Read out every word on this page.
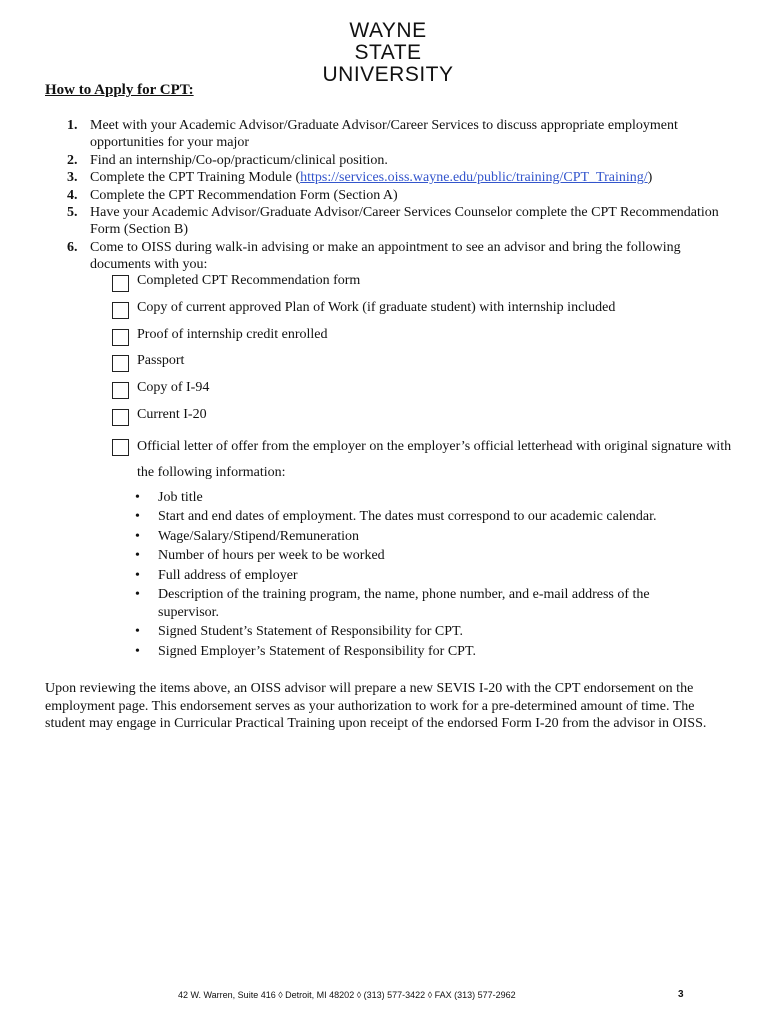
WAYNE STATE
UNIVERSITY
How to Apply for CPT:
1. Meet with your Academic Advisor/Graduate Advisor/Career Services to discuss appropriate employment opportunities for your major
2. Find an internship/Co-op/practicum/clinical position.
3. Complete the CPT Training Module (https://services.oiss.wayne.edu/public/training/CPT_Training/)
4. Complete the CPT Recommendation Form (Section A)
5. Have your Academic Advisor/Graduate Advisor/Career Services Counselor complete the CPT Recommendation Form (Section B)
6. Come to OISS during walk-in advising or make an appointment to see an advisor and bring the following documents with you:
Completed CPT Recommendation form
Copy of current approved Plan of Work (if graduate student) with internship included
Proof of internship credit enrolled
Passport
Copy of I-94
Current I-20
Official letter of offer from the employer on the employer’s official letterhead with original signature with the following information:
• Job title
• Start and end dates of employment. The dates must correspond to our academic calendar.
• Wage/Salary/Stipend/Remuneration
• Number of hours per week to be worked
• Full address of employer
• Description of the training program, the name, phone number, and e-mail address of the supervisor.
• Signed Student’s Statement of Responsibility for CPT.
• Signed Employer’s Statement of Responsibility for CPT.
Upon reviewing the items above, an OISS advisor will prepare a new SEVIS I-20 with the CPT endorsement on the employment page. This endorsement serves as your authorization to work for a pre-determined amount of time. The student may engage in Curricular Practical Training upon receipt of the endorsed Form I-20 from the advisor in OISS.
42 W. Warren, Suite 416 ◊ Detroit, MI 48202 ◊ (313) 577-3422 ◊ FAX (313) 577-2962	3
